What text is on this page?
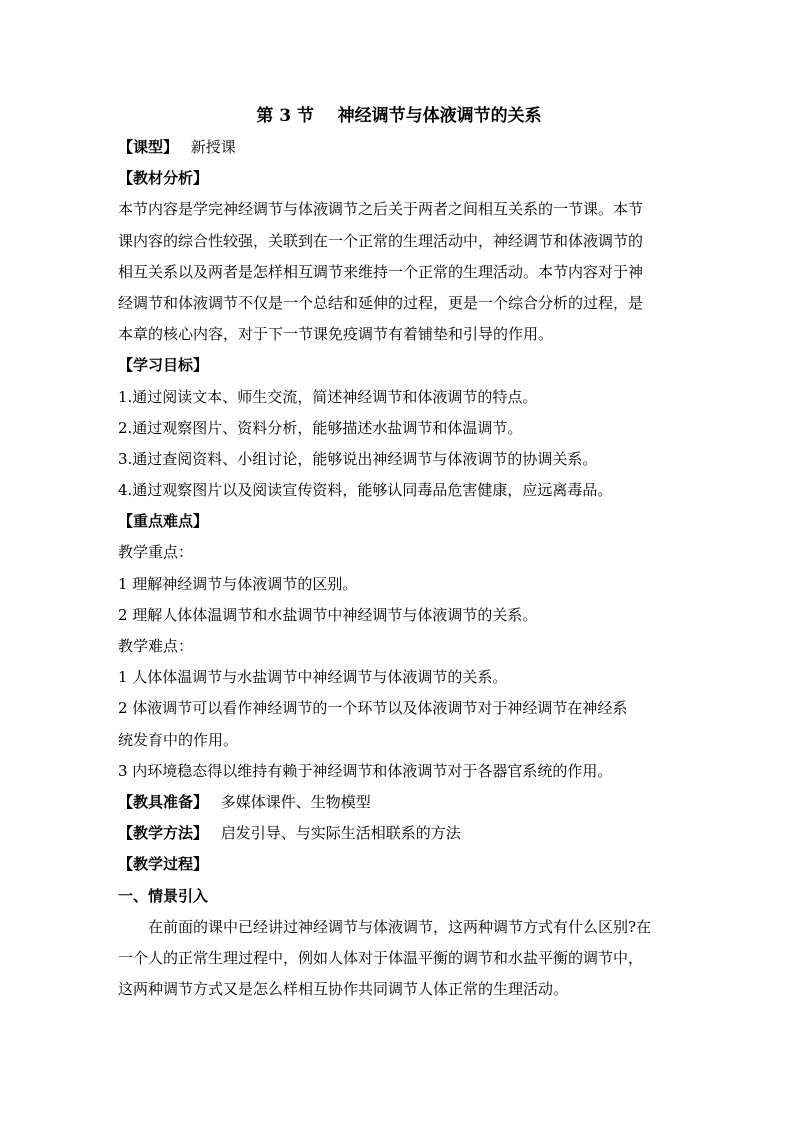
第 3 节    神经调节与体液调节的关系
【课型】 新授课
【教材分析】
本节内容是学完神经调节与体液调节之后关于两者之间相互关系的一节课。本节
课内容的综合性较强，关联到在一个正常的生理活动中，神经调节和体液调节的
相互关系以及两者是怎样相互调节来维持一个正常的生理活动。本节内容对于神
经调节和体液调节不仅是一个总结和延伸的过程，更是一个综合分析的过程，是
本章的核心内容，对于下一节课免疫调节有着铺垫和引导的作用。
【学习目标】
1.通过阅读文本、师生交流，简述神经调节和体液调节的特点。
2.通过观察图片、资料分析，能够描述水盐调节和体温调节。
3.通过查阅资料、小组讨论，能够说出神经调节与体液调节的协调关系。
4.通过观察图片以及阅读宣传资料，能够认同毒品危害健康，应远离毒品。
【重点难点】
教学重点：
1 理解神经调节与体液调节的区别。
2 理解人体体温调节和水盐调节中神经调节与体液调节的关系。
教学难点：
1 人体体温调节与水盐调节中神经调节与体液调节的关系。
2 体液调节可以看作神经调节的一个环节以及体液调节对于神经调节在神经系
统发育中的作用。
3 内环境稳态得以维持有赖于神经调节和体液调节对于各器官系统的作用。
【教具准备】 多媒体课件、生物模型
【教学方法】 启发引导、与实际生活相联系的方法
【教学过程】
一、情景引入
在前面的课中已经讲过神经调节与体液调节，这两种调节方式有什么区别?在
一个人的正常生理过程中，例如人体对于体温平衡的调节和水盐平衡的调节中，
这两种调节方式又是怎么样相互协作共同调节人体正常的生理活动。
